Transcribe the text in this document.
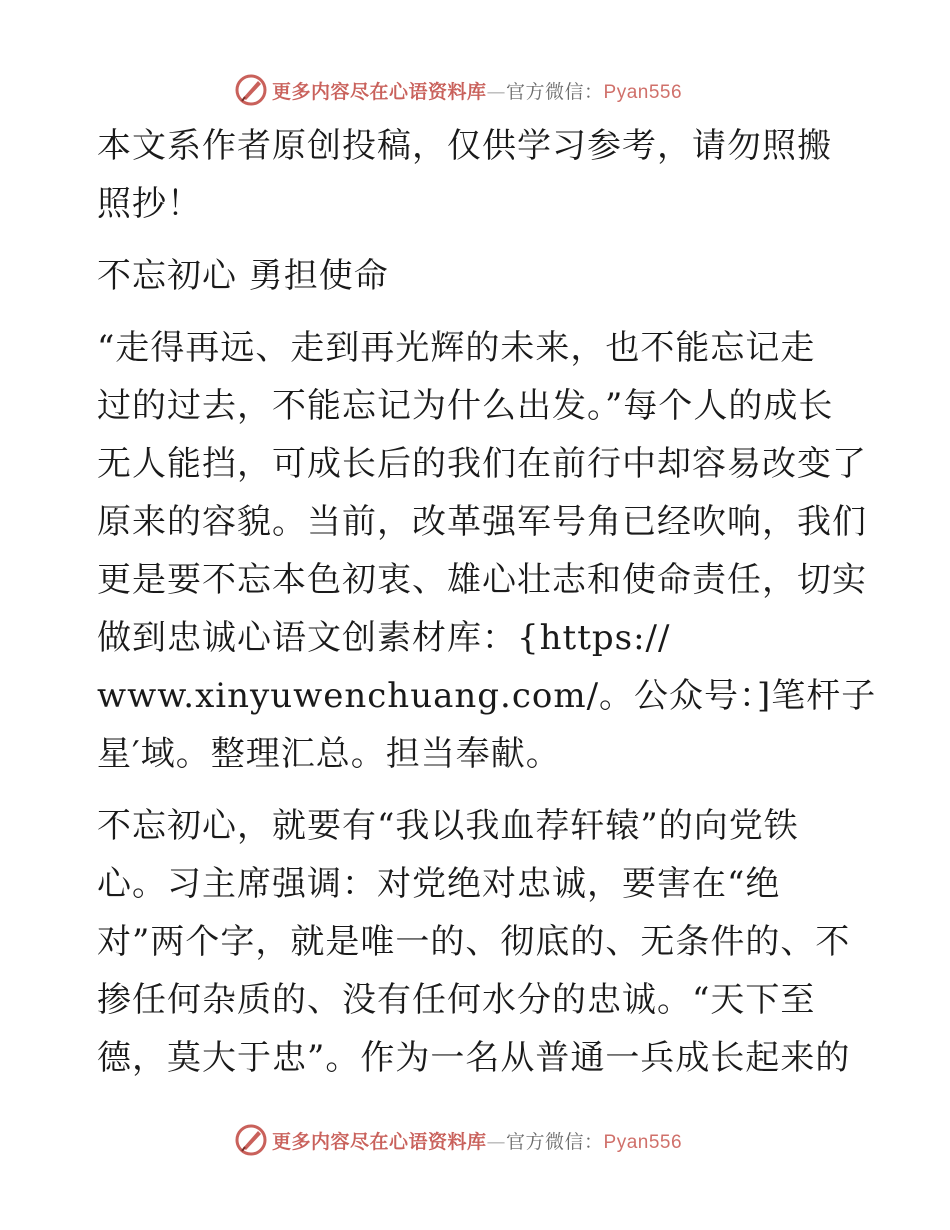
更多内容尽在心语资料库—官方微信：Pyan556
本文系作者原创投稿，仅供学习参考，请勿照搬
照抄！
不忘初心 勇担使命
“走得再远、走到再光辉的未来，也不能忘记走
过的过去，不能忘记为什么出发。”每个人的成长
无人能挡，可成长后的我们在前行中却容易改变了
原来的容貌。当前，改革强军号角已经吹响，我们
更是要不忘本色初衷、雄心壮志和使命责任，切实
做到忠诚心语文创素材库：{https://
www.xinyuwenchuang.com/。公众号：]笔杆子
星′域。整理汇总。担当奉献。
不忘初心，就要有“我以我血荐轩辕”的向党铁
心。习主席强调：对党绝对忠诚，要害在“绝
对”两个字，就是唯一的、彻底的、无条件的、不
掺任何杂质的、没有任何水分的忠诚。“天下至
德，莫大于忠”。作为一名从普通一兵成长起来的
更多内容尽在心语资料库—官方微信：Pyan556
